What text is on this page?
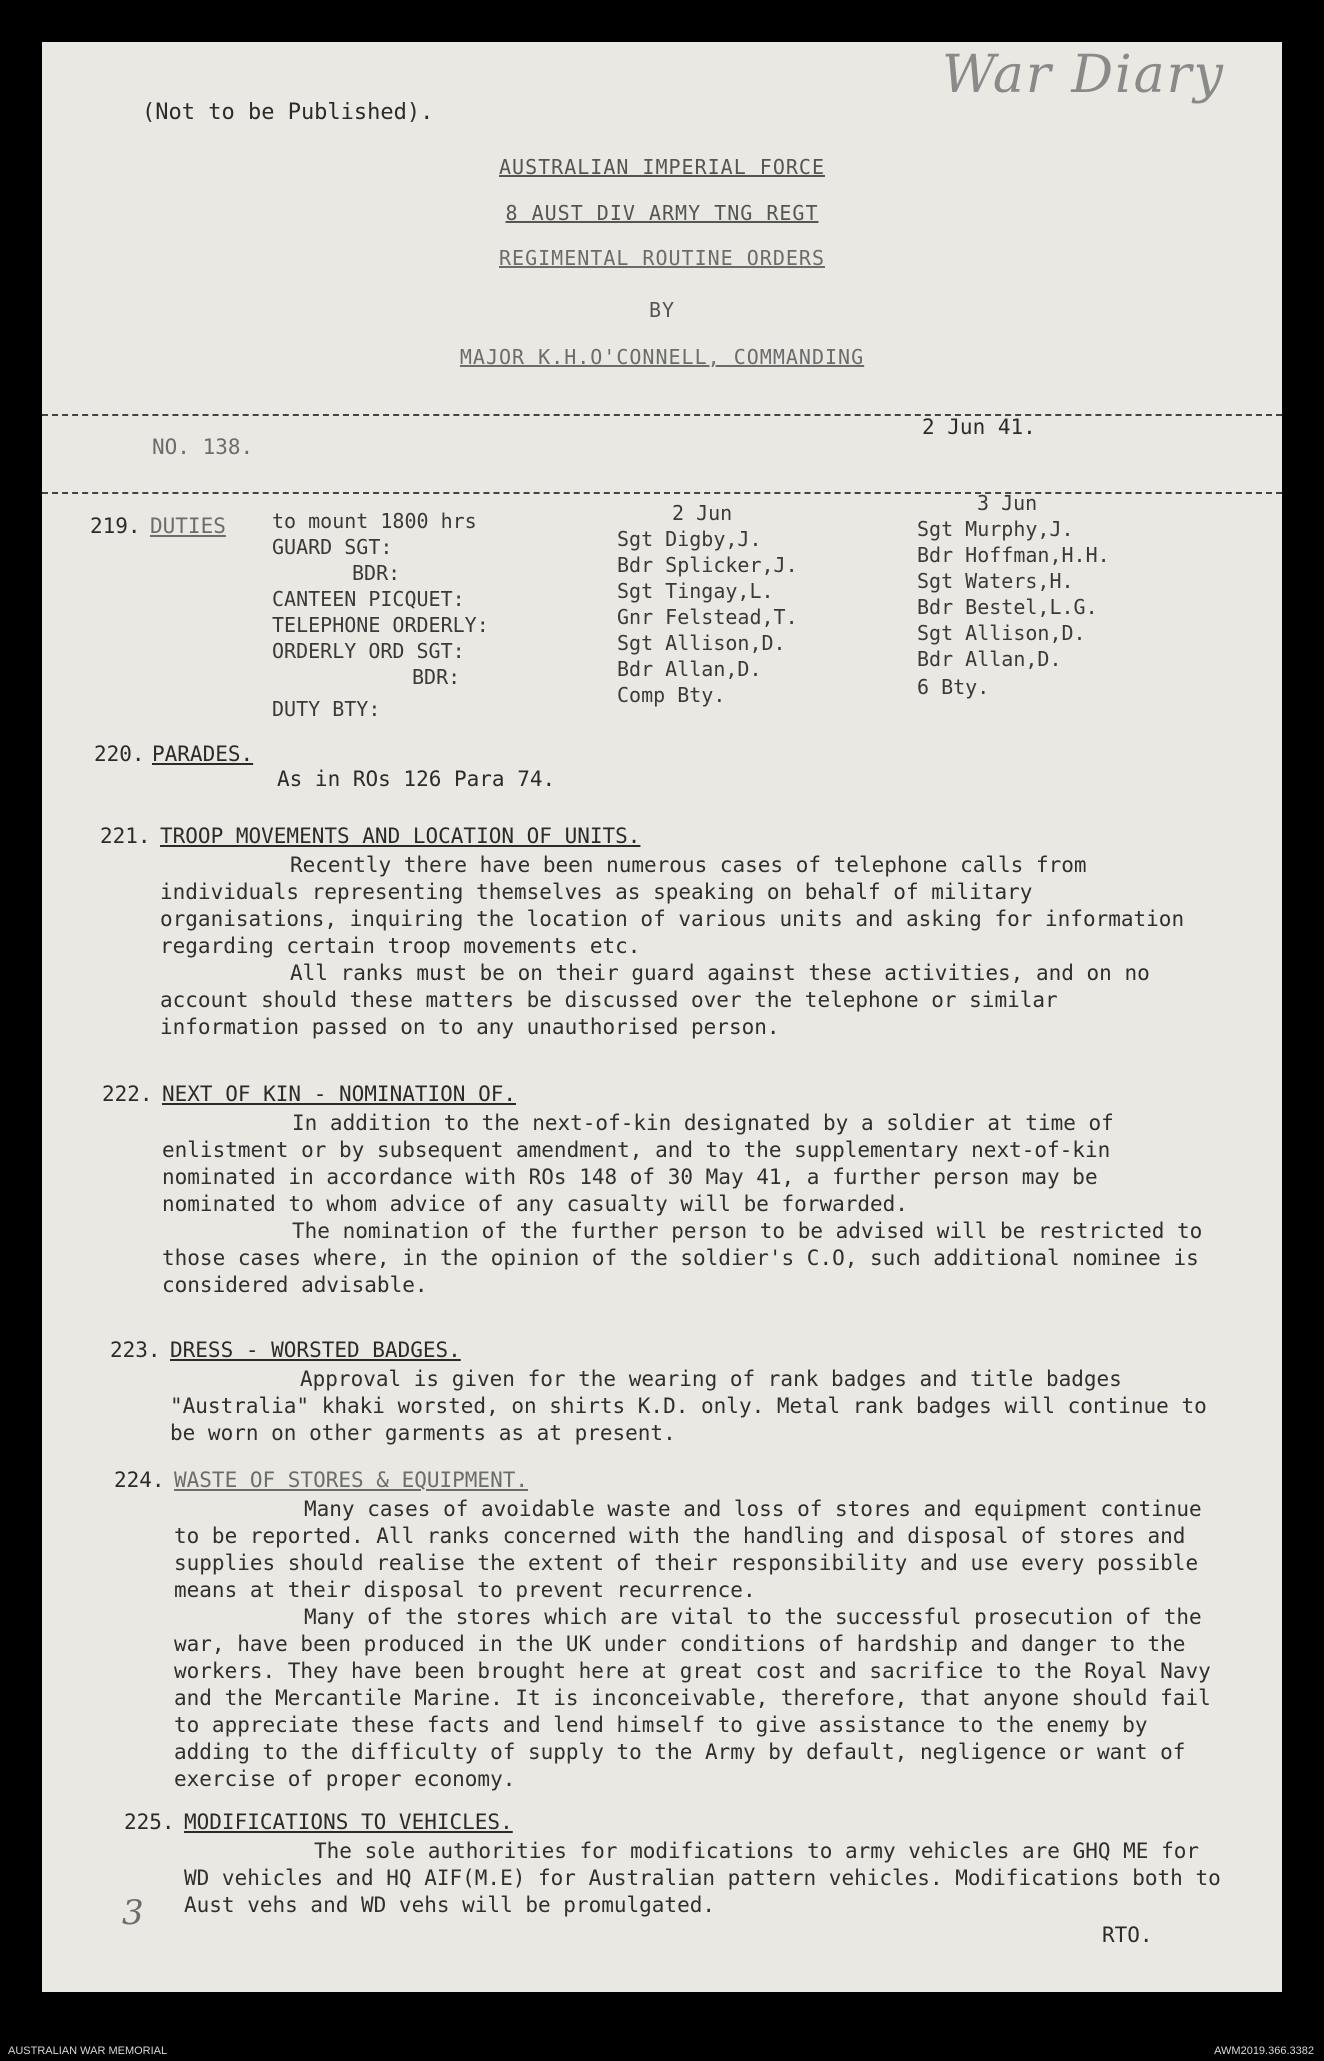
War Diary
(Not to be Published).
AUSTRALIAN IMPERIAL FORCE
8 AUST DIV ARMY TNG REGT
REGIMENTAL ROUTINE ORDERS
BY
MAJOR K.H.O'CONNELL, COMMANDING
NO. 138.
2 Jun 41.
219. DUTIES to mount 1800 hrs
GUARD SGT:
BDR:
CANTEEN PICQUET:
TELEPHONE ORDERLY:
ORDERLY ORD SGT:
BDR:
DUTY BTY:
2 Jun
Sgt Digby,J.
Bdr Splicker,J.
Sgt Tingay,L.
Gnr Felstead,T.
Sgt Allison,D.
Bdr Allan,D.
Comp Bty.
3 Jun
Sgt Murphy,J.
Bdr Hoffman,H.H.
Sgt Waters,H.
Bdr Bestel,L.G.
Sgt Allison,D.
Bdr Allan,D.
6 Bty.
220. PARADES.
As in ROs 126 Para 74.
221. TROOP MOVEMENTS AND LOCATION OF UNITS.

Recently there have been numerous cases of telephone calls from individuals representing themselves as speaking on behalf of military organisations, inquiring the location of various units and asking for information regarding certain troop movements etc.

All ranks must be on their guard against these activities, and on no account should these matters be discussed over the telephone or similar information passed on to any unauthorised person.

222. NEXT OF KIN - NOMINATION OF.

In addition to the next-of-kin designated by a soldier at time of enlistment or by subsequent amendment, and to the supplementary next-of-kin nominated in accordance with ROs 148 of 30 May 41, a further person may be nominated to whom advice of any casualty will be forwarded.

The nomination of the further person to be advised will be restricted to those cases where, in the opinion of the soldier's C.O, such additional nominee is considered advisable.

223. DRESS - WORSTED BADGES.

Approval is given for the wearing of rank badges and title badges "Australia" khaki worsted, on shirts K.D. only. Metal rank badges will continue to be worn on other garments as at present.

224. WASTE OF STORES & EQUIPMENT.

Many cases of avoidable waste and loss of stores and equipment continue to be reported. All ranks concerned with the handling and disposal of stores and supplies should realise the extent of their responsibility and use every possible means at their disposal to prevent recurrence.

Many of the stores which are vital to the successful prosecution of the war, have been produced in the UK under conditions of hardship and danger to the workers. They have been brought here at great cost and sacrifice to the Royal Navy and the Mercantile Marine. It is inconceivable, therefore, that anyone should fail to appreciate these facts and lend himself to give assistance to the enemy by adding to the difficulty of supply to the Army by default, negligence or want of exercise of proper economy.

225. MODIFICATIONS TO VEHICLES.

The sole authorities for modifications to army vehicles are GHQ ME for WD vehicles and HQ AIF(M.E) for Australian pattern vehicles. Modifications both to Aust vehs and WD vehs will be promulgated.

RTO.
3
AUSTRALIAN WAR MEMORIAL	AWM2019.366.3382
